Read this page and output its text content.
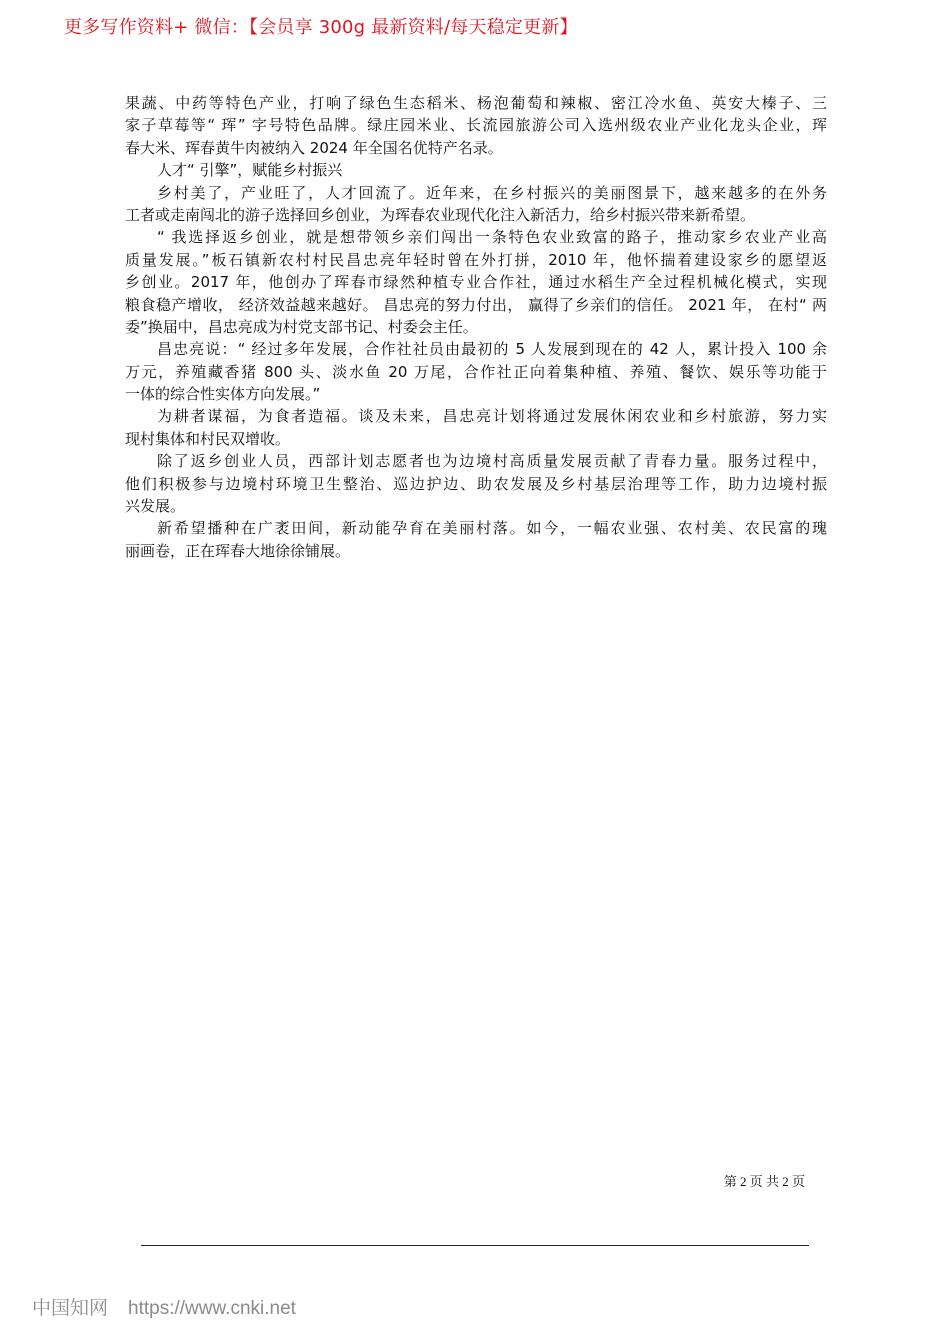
更多写作资料+ 微信：【会员享 300g 最新资料/每天稳定更新】
果蔬、中药等特色产业，打响了绿色生态稻米、杨泡葡萄和辣椒、密江冷水鱼、英安大榛子、三
家子草莓等“ 珲” 字号特色品牌。绿庄园米业、长流园旅游公司入选州级农业产业化龙头企业，珲
春大米、珲春黄牛肉被纳入 2024 年全国名优特产名录。
人才“ 引擎”，赋能乡村振兴
乡村美了，产业旺了，人才回流了。近年来，在乡村振兴的美丽图景下，越来越多的在外务
工者或走南闯北的游子选择回乡创业，为珲春农业现代化注入新活力，给乡村振兴带来新希望。
“ 我选择返乡创业，就是想带领乡亲们闯出一条特色农业致富的路子，推动家乡农业产业高
质量发展。”板石镇新农村村民昌忠亮年轻时曾在外打拼，2010 年，他怀揣着建设家乡的愿望返
乡创业。2017 年，他创办了珲春市绿然种植专业合作社，通过水稻生产全过程机械化模式，实现
粮食稳产增收， 经济效益越来越好。 昌忠亮的努力付出， 赢得了乡亲们的信任。 2021 年， 在村“ 两
委”换届中，昌忠亮成为村党支部书记、村委会主任。
昌忠亮说：“ 经过多年发展，合作社社员由最初的 5 人发展到现在的 42 人，累计投入 100 余
万元，养殖藏香猪 800 头、淡水鱼 20 万尾，合作社正向着集种植、养殖、餐饮、娱乐等功能于
一体的综合性实体方向发展。”
为耕者谋福，为食者造福。谈及未来，昌忠亮计划将通过发展休闲农业和乡村旅游，努力实
现村集体和村民双增收。
除了返乡创业人员，西部计划志愿者也为边境村高质量发展贡献了青春力量。服务过程中，
他们积极参与边境村环境卫生整治、巡边护边、助农发展及乡村基层治理等工作，助力边境村振
兴发展。
新希望播种在广袤田间，新动能孕育在美丽村落。如今，一幅农业强、农村美、农民富的瑰
丽画卷，正在珲春大地徐徐铺展。
第 2 页 共 2 页
中国知网 https://www.cnki.net
